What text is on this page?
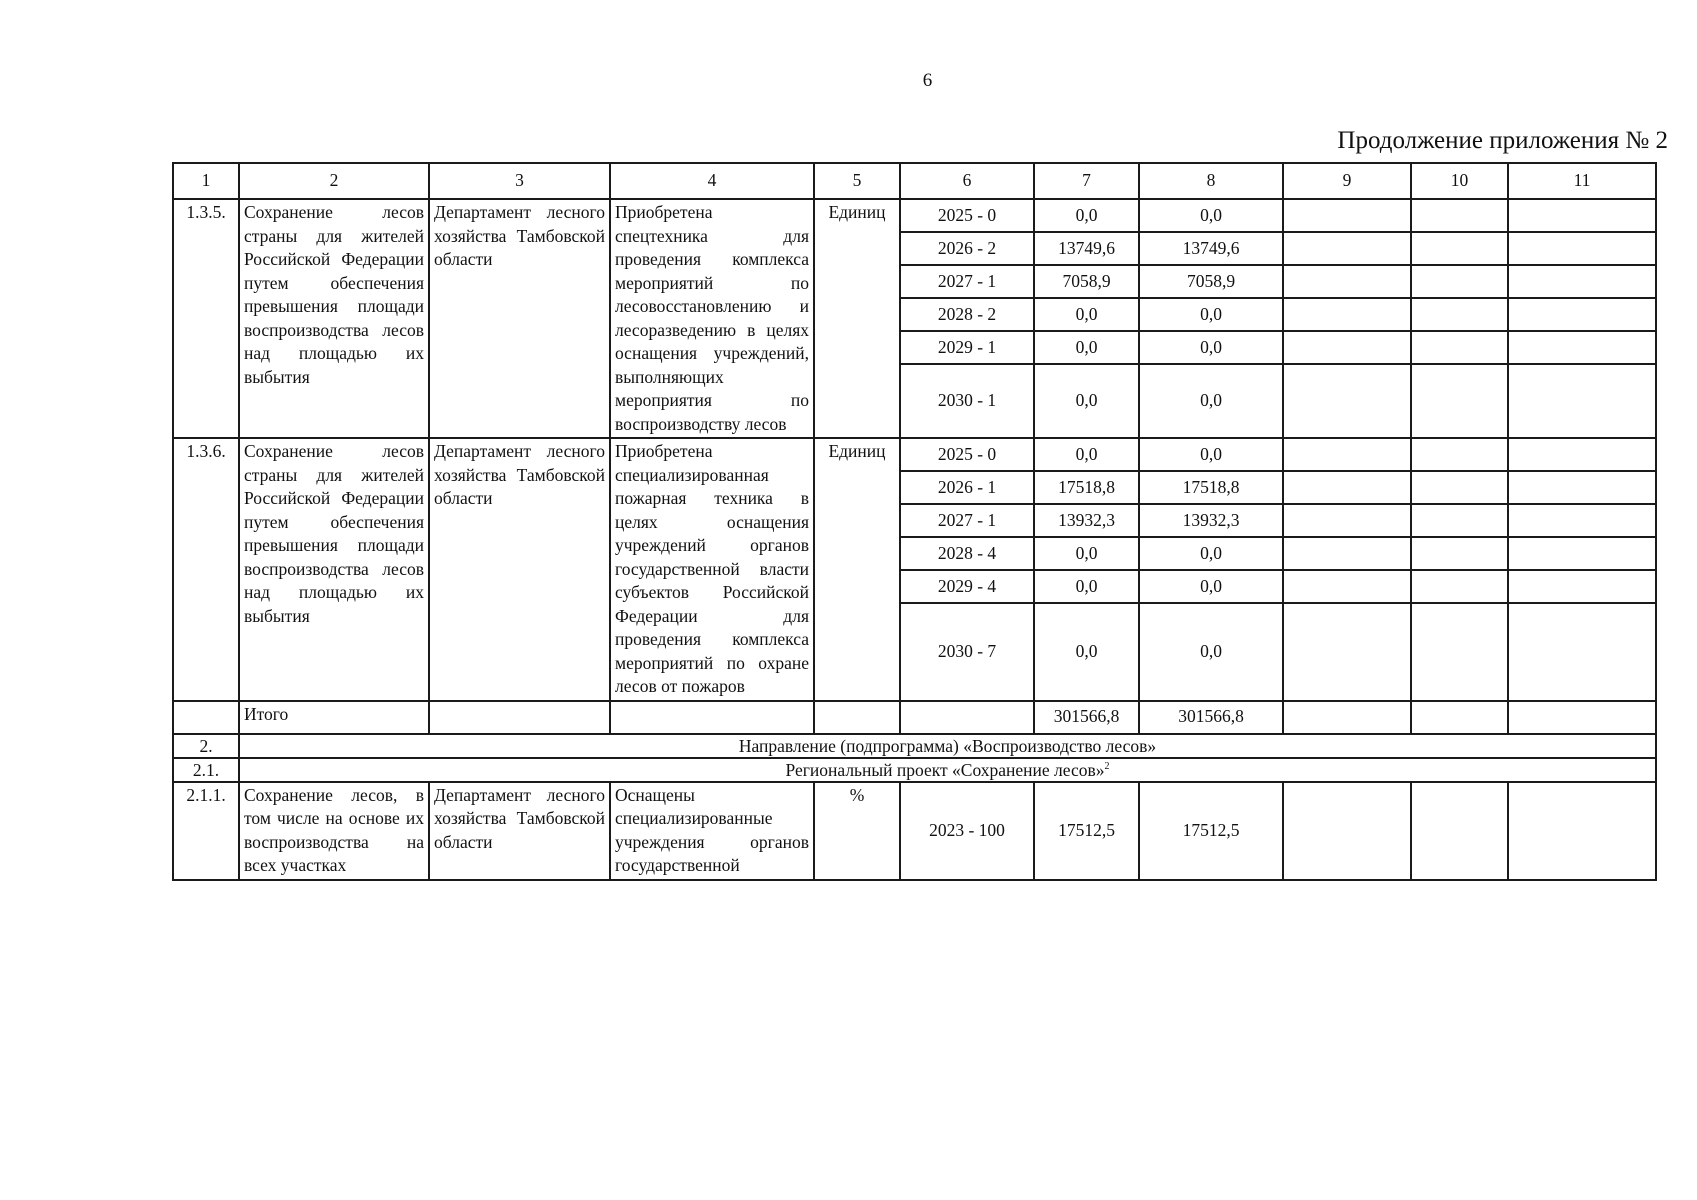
6
Продолжение приложения № 2
1	2	3	4	5	6	7	8	9	10	11
1.3.5.	Сохранение лесов страны для жителей Российской Федерации путем обеспечения превышения площади воспроизводства лесов над площадью их выбытия	Департамент лесного хозяйства Тамбовской области	Приобретена спецтехника для проведения комплекса мероприятий по лесовосстановлению и лесоразведению в целях оснащения учреждений, выполняющих мероприятия по воспроизводству лесов	Единиц	2025 - 0	0,0	0,0			
					2026 - 2	13749,6	13749,6			
					2027 - 1	7058,9	7058,9			
					2028 - 2	0,0	0,0			
					2029 - 1	0,0	0,0			
					2030 - 1	0,0	0,0			
1.3.6.	Сохранение лесов страны для жителей Российской Федерации путем обеспечения превышения площади воспроизводства лесов над площадью их выбытия	Департамент лесного хозяйства Тамбовской области	Приобретена специализированная пожарная техника в целях оснащения учреждений органов государственной власти субъектов Российской Федерации для проведения комплекса мероприятий по охране лесов от пожаров	Единиц	2025 - 0	0,0	0,0			
					2026 - 1	17518,8	17518,8			
					2027 - 1	13932,3	13932,3			
					2028 - 4	0,0	0,0			
					2029 - 4	0,0	0,0			
					2030 - 7	0,0	0,0			
	Итого					301566,8	301566,8			
2.	Направление (подпрограмма) «Воспроизводство лесов»									
2.1.	Региональный проект «Сохранение лесов»$^2$
2.1.1.	Сохранение лесов, в том числе на основе их воспроизводства на всех участках	Департамент лесного хозяйства Тамбовской области	Оснащены специализированные учреждения органов государственной	%	2023 - 100	17512,5	17512,5			
